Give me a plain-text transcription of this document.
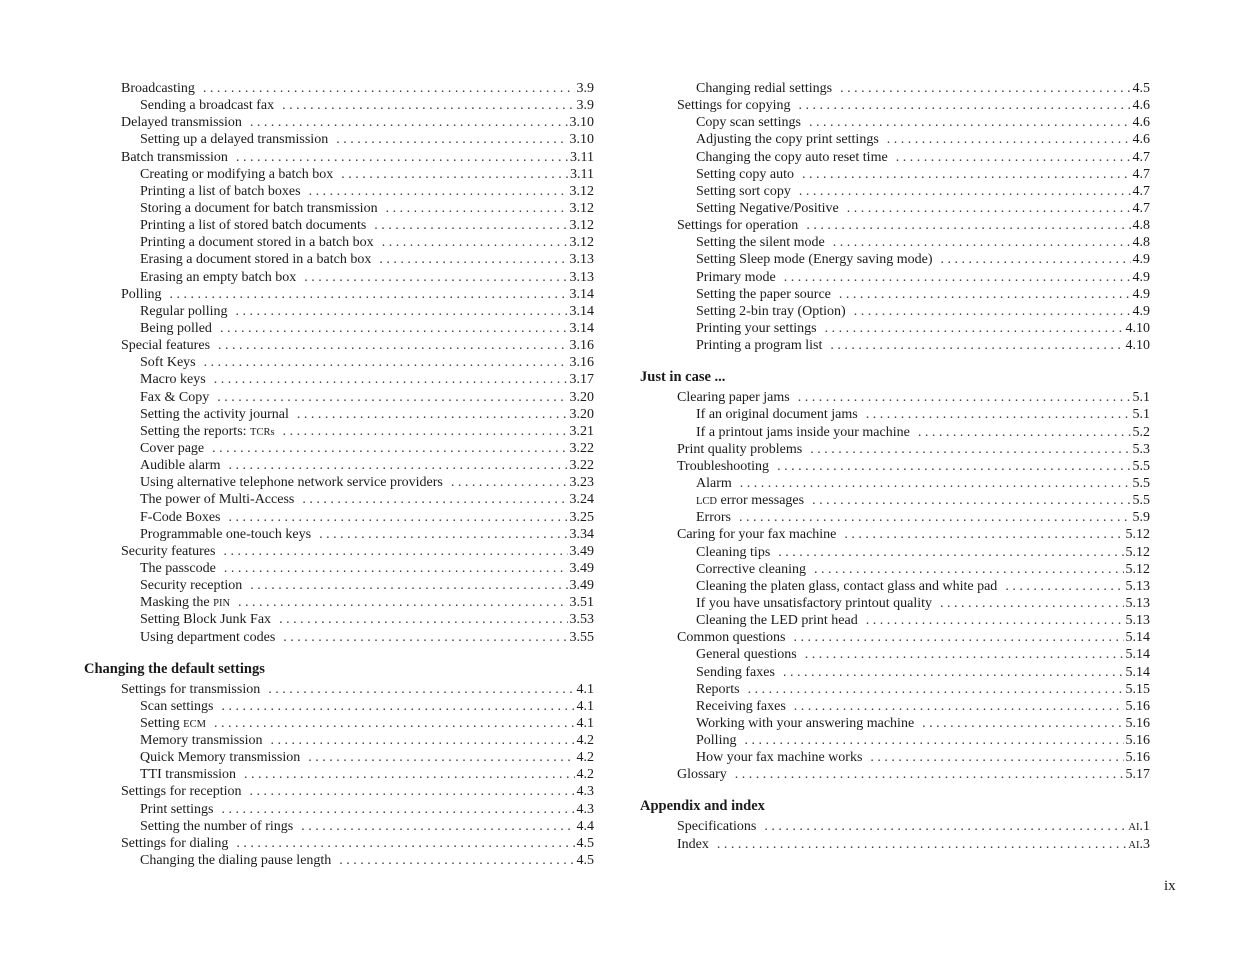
Broadcasting . . .	3.9
Sending a broadcast fax . . .	3.9
Delayed transmission . . .	3.10
Setting up a delayed transmission . . .	3.10
Batch transmission . . .	3.11
Creating or modifying a batch box . . .	3.11
Printing a list of batch boxes . . .	3.12
Storing a document for batch transmission . . .	3.12
Printing a list of stored batch documents . . .	3.12
Printing a document stored in a batch box . . .	3.12
Erasing a document stored in a batch box . . .	3.13
Erasing an empty batch box . . .	3.13
Polling . . .	3.14
Regular polling . . .	3.14
Being polled . . .	3.14
Special features . . .	3.16
Soft Keys . . .	3.16
Macro keys . . .	3.17
Fax & Copy . . .	3.20
Setting the activity journal . . .	3.20
Setting the reports: TCRs . . .	3.21
Cover page . . .	3.22
Audible alarm . . .	3.22
Using alternative telephone network service providers . . .	3.23
The power of Multi-Access . . .	3.24
F-Code Boxes . . .	3.25
Programmable one-touch keys . . .	3.34
Security features . . .	3.49
The passcode . . .	3.49
Security reception . . .	3.49
Masking the PIN . . .	3.51
Setting Block Junk Fax . . .	3.53
Using department codes . . .	3.55
Changing the default settings
Settings for transmission . . .	4.1
Scan settings . . .	4.1
Setting ECM . . .	4.1
Memory transmission . . .	4.2
Quick Memory transmission . . .	4.2
TTI transmission . . .	4.2
Settings for reception . . .	4.3
Print settings . . .	4.3
Setting the number of rings . . .	4.4
Settings for dialing . . .	4.5
Changing the dialing pause length . . .	4.5
Changing redial settings . . .	4.5
Settings for copying . . .	4.6
Copy scan settings . . .	4.6
Adjusting the copy print settings . . .	4.6
Changing the copy auto reset time . . .	4.7
Setting copy auto . . .	4.7
Setting sort copy . . .	4.7
Setting Negative/Positive . . .	4.7
Settings for operation . . .	4.8
Setting the silent mode . . .	4.8
Setting Sleep mode (Energy saving mode) . . .	4.9
Primary mode . . .	4.9
Setting the paper source . . .	4.9
Setting 2-bin tray (Option) . . .	4.9
Printing your settings . . .	4.10
Printing a program list . . .	4.10
Just in case ...
Clearing paper jams . . .	5.1
If an original document jams . . .	5.1
If a printout jams inside your machine . . .	5.2
Print quality problems . . .	5.3
Troubleshooting . . .	5.5
Alarm . . .	5.5
LCD error messages . . .	5.5
Errors . . .	5.9
Caring for your fax machine . . .	5.12
Cleaning tips . . .	5.12
Corrective cleaning . . .	5.12
Cleaning the platen glass, contact glass and white pad . . .	5.13
If you have unsatisfactory printout quality . . .	5.13
Cleaning the LED print head . . .	5.13
Common questions . . .	5.14
General questions . . .	5.14
Sending faxes . . .	5.14
Reports . . .	5.15
Receiving faxes . . .	5.16
Working with your answering machine . . .	5.16
Polling . . .	5.16
How your fax machine works . . .	5.16
Glossary . . .	5.17
Appendix and index
Specifications . . .	AI.1
Index . . .	AI.3
ix
